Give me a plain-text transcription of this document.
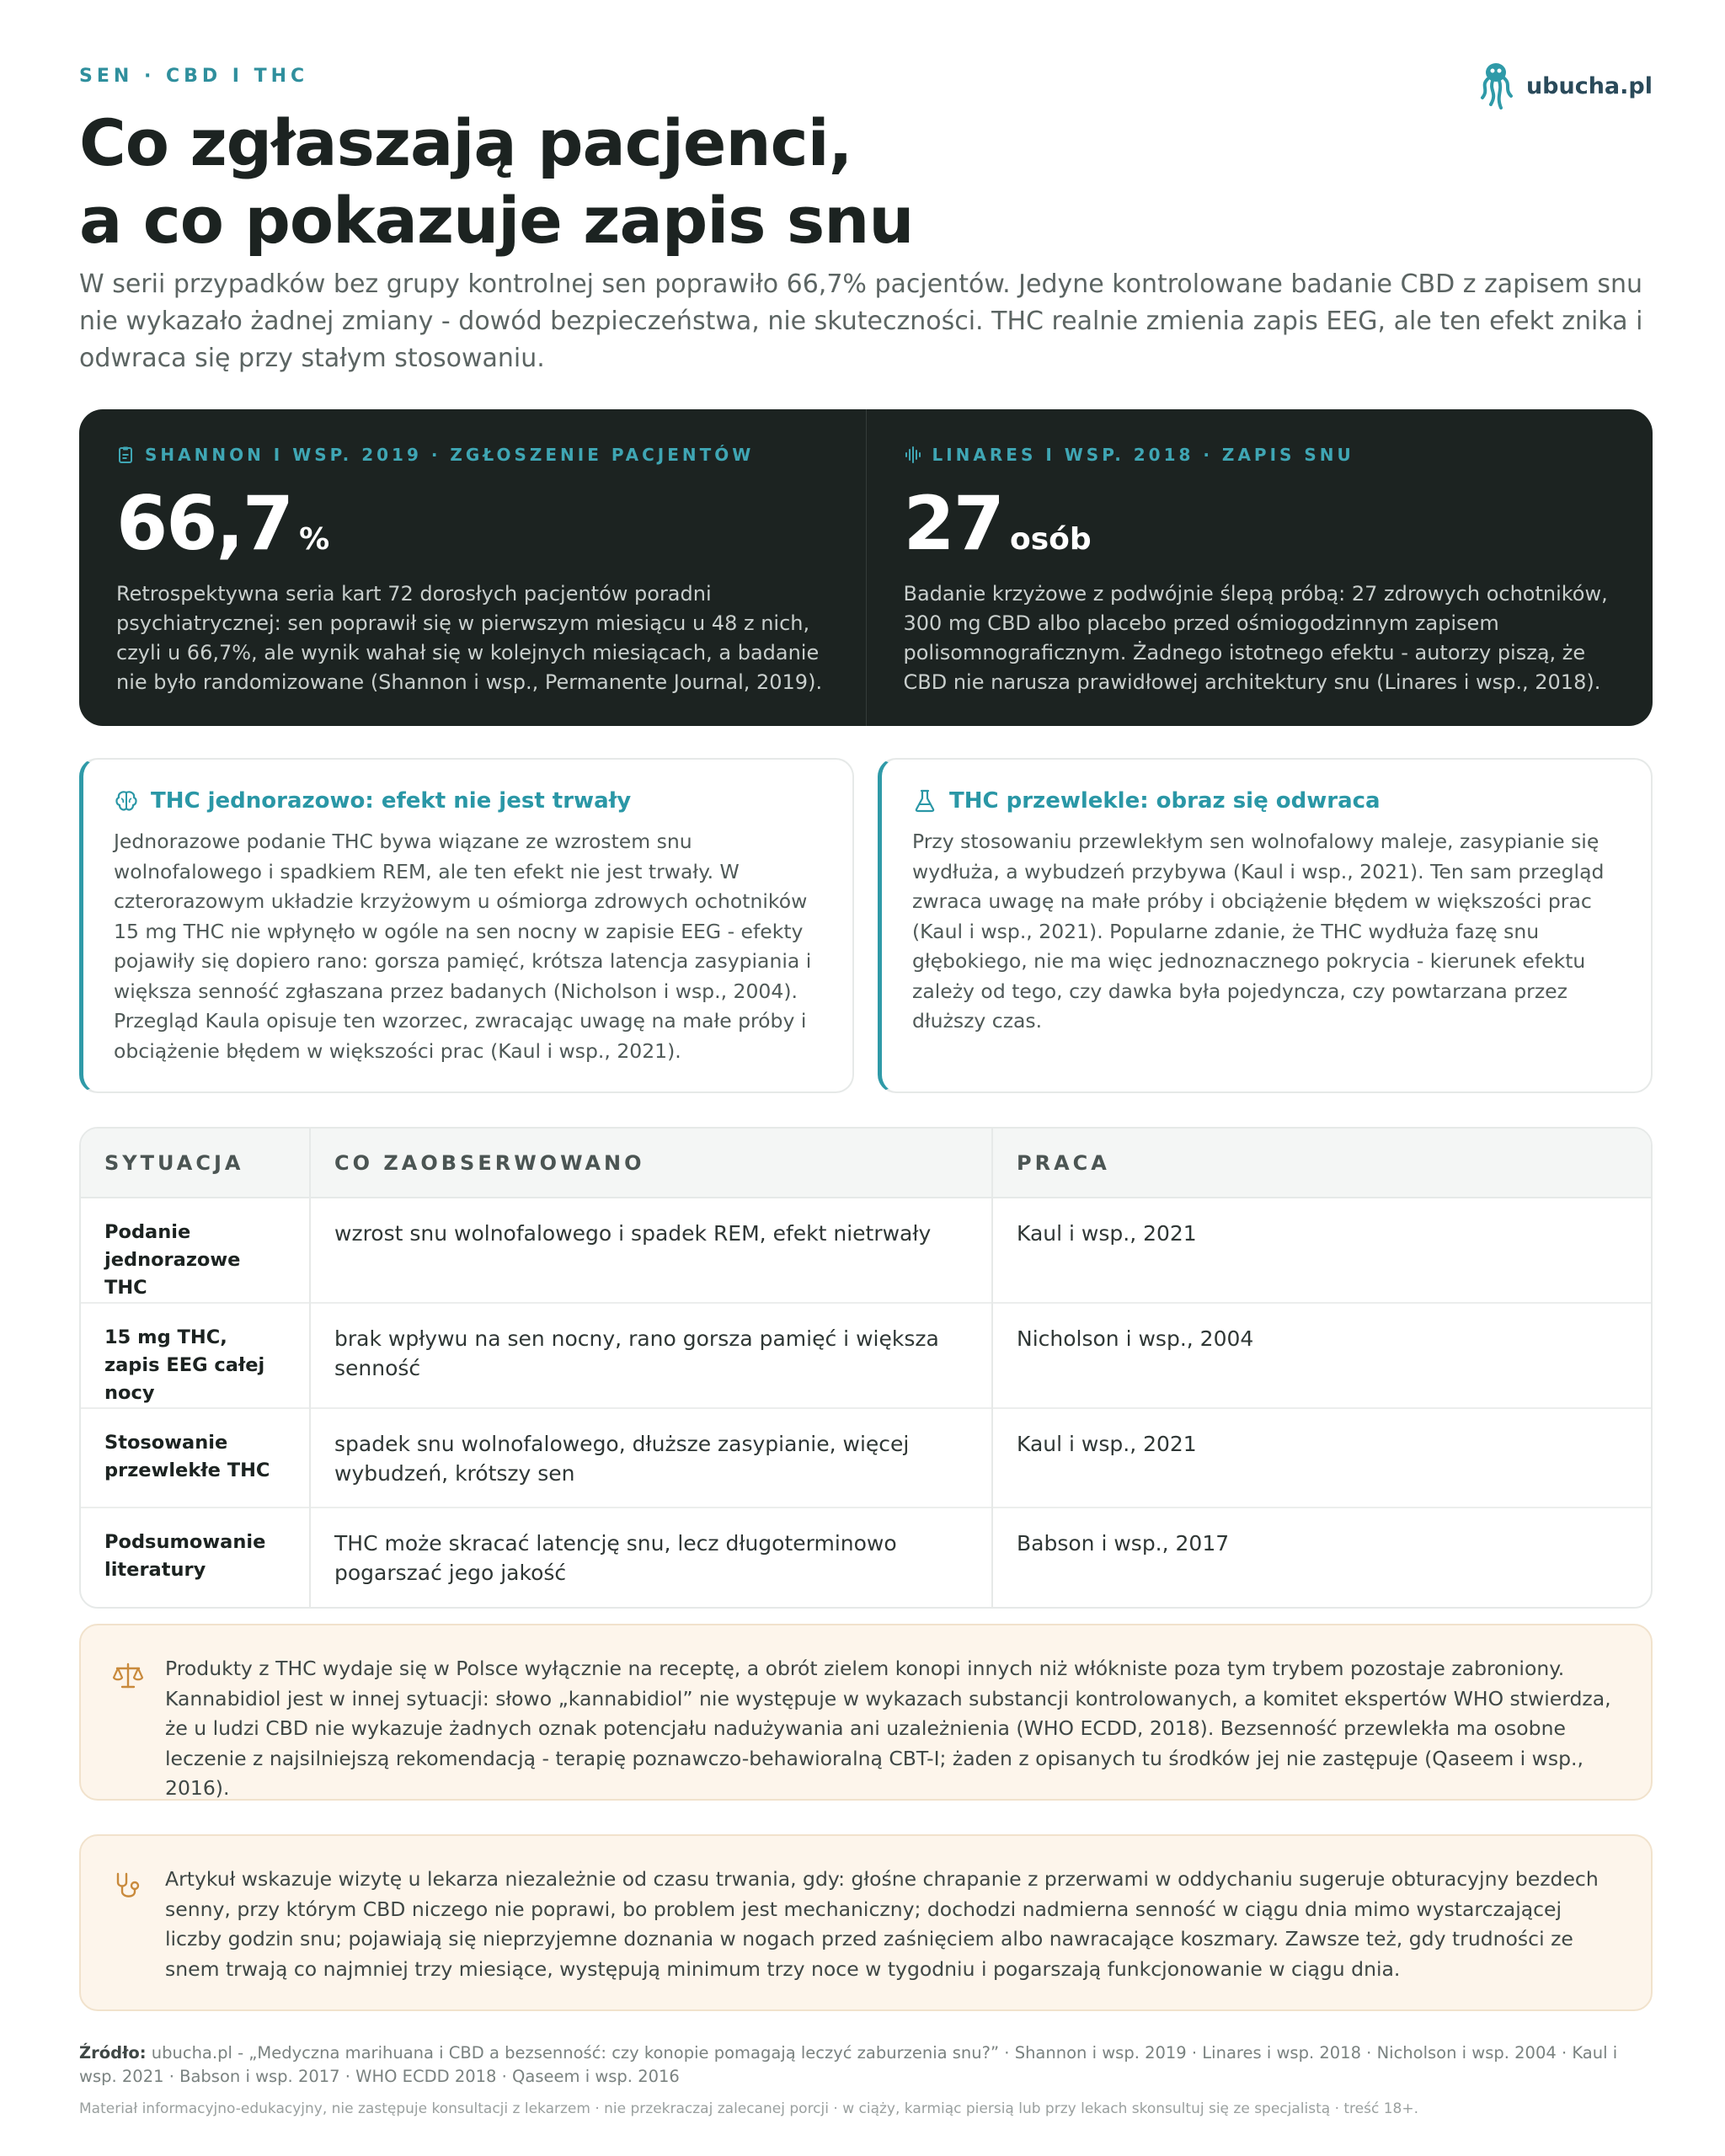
SEN · CBD I THC	ubucha.pl
Co zgłaszają pacjenci,
a co pokazuje zapis snu

W serii przypadków bez grupy kontrolnej sen poprawiło 66,7% pacjentów. Jedyne kontrolowane badanie CBD z zapisem snu nie wykazało żadnej zmiany - dowód bezpieczeństwa, nie skuteczności. THC realnie zmienia zapis EEG, ale ten efekt znika i odwraca się przy stałym stosowaniu.

SHANNON I WSP. 2019 · ZGŁOSZENIE PACJENTÓW
66,7 %

Retrospektywna seria kart 72 dorosłych pacjentów poradni psychiatrycznej: sen poprawił się w pierwszym miesiącu u 48 z nich, czyli u 66,7%, ale wynik wahał się w kolejnych miesiącach, a badanie nie było randomizowane (Shannon i wsp., Permanente Journal, 2019).

LINARES I WSP. 2018 · ZAPIS SNU
27 osób

Badanie krzyżowe z podwójnie ślepą próbą: 27 zdrowych ochotników, 300 mg CBD albo placebo przed ośmiogodzinnym zapisem polisomnograficznym. Żadnego istotnego efektu - autorzy piszą, że CBD nie narusza prawidłowej architektury snu (Linares i wsp., 2018).

THC jednorazowo: efekt nie jest trwały

Jednorazowe podanie THC bywa wiązane ze wzrostem snu wolnofalowego i spadkiem REM, ale ten efekt nie jest trwały. W czterorazowym układzie krzyżowym u ośmiorga zdrowych ochotników 15 mg THC nie wpłynęło w ogóle na sen nocny w zapisie EEG - efekty pojawiły się dopiero rano: gorsza pamięć, krótsza latencja zasypiania i większa senność zgłaszana przez badanych (Nicholson i wsp., 2004). Przegląd Kaula opisuje ten wzorzec, zwracając uwagę na małe próby i obciążenie błędem w większości prac (Kaul i wsp., 2021).

THC przewlekle: obraz się odwraca

Przy stosowaniu przewlekłym sen wolnofalowy maleje, zasypianie się wydłuża, a wybudzeń przybywa (Kaul i wsp., 2021). Ten sam przegląd zwraca uwagę na małe próby i obciążenie błędem w większości prac (Kaul i wsp., 2021). Popularne zdanie, że THC wydłuża fazę snu głębokiego, nie ma więc jednoznacznego pokrycia - kierunek efektu zależy od tego, czy dawka była pojedyncza, czy powtarzana przez dłuższy czas.

SYTUACJA	CO ZAOBSERWOWANO	PRACA
Podanie jednorazowe THC	wzrost snu wolnofalowego i spadek REM, efekt nietrwały	Kaul i wsp., 2021
15 mg THC, zapis EEG całej nocy	brak wpływu na sen nocny, rano gorsza pamięć i większa senność	Nicholson i wsp., 2004
Stosowanie przewlekłe THC	spadek snu wolnofalowego, dłuższe zasypianie, więcej wybudzeń, krótszy sen	Kaul i wsp., 2021
Podsumowanie literatury	THC może skracać latencję snu, lecz długoterminowo pogarszać jego jakość	Babson i wsp., 2017

Produkty z THC wydaje się w Polsce wyłącznie na receptę, a obrót zielem konopi innych niż włókniste poza tym trybem pozostaje zabroniony. Kannabidiol jest w innej sytuacji: słowo „kannabidiol” nie występuje w wykazach substancji kontrolowanych, a komitet ekspertów WHO stwierdza, że u ludzi CBD nie wykazuje żadnych oznak potencjału nadużywania ani uzależnienia (WHO ECDD, 2018). Bezsenność przewlekła ma osobne leczenie z najsilniejszą rekomendacją - terapię poznawczo-behawioralną CBT-I; żaden z opisanych tu środków jej nie zastępuje (Qaseem i wsp., 2016).

Artykuł wskazuje wizytę u lekarza niezależnie od czasu trwania, gdy: głośne chrapanie z przerwami w oddychaniu sugeruje obturacyjny bezdech senny, przy którym CBD niczego nie poprawi, bo problem jest mechaniczny; dochodzi nadmierna senność w ciągu dnia mimo wystarczającej liczby godzin snu; pojawiają się nieprzyjemne doznania w nogach przed zaśnięciem albo nawracające koszmary. Zawsze też, gdy trudności ze snem trwają co najmniej trzy miesiące, występują minimum trzy noce w tygodniu i pogarszają funkcjonowanie w ciągu dnia.

Źródło: ubucha.pl - „Medyczna marihuana i CBD a bezsenność: czy konopie pomagają leczyć zaburzenia snu?” · Shannon i wsp. 2019 · Linares i wsp. 2018 · Nicholson i wsp. 2004 · Kaul i wsp. 2021 · Babson i wsp. 2017 · WHO ECDD 2018 · Qaseem i wsp. 2016

Materiał informacyjno-edukacyjny, nie zastępuje konsultacji z lekarzem · nie przekraczaj zalecanej porcji · w ciąży, karmiąc piersią lub przy lekach skonsultuj się ze specjalistą · treść 18+.
